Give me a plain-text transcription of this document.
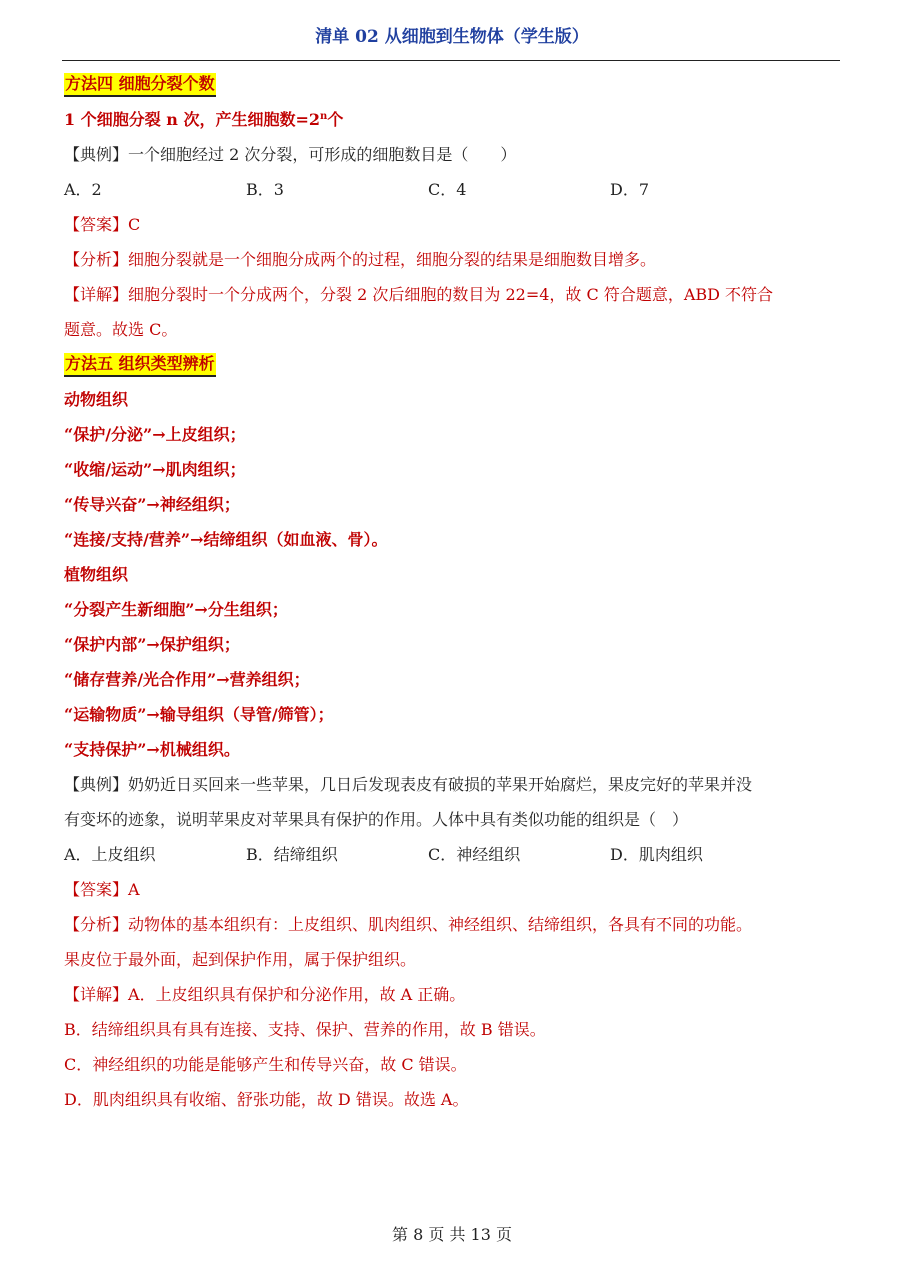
清单 02 从细胞到生物体（学生版）
方法四 细胞分裂个数
1 个细胞分裂 n 次，产生细胞数$=2^n$个
【典例】一个细胞经过 2 次分裂，可形成的细胞数目是（　　）
A．2	B．3	C．4	D．7
【答案】C
【分析】细胞分裂就是一个细胞分成两个的过程，细胞分裂的结果是细胞数目增多。
【详解】细胞分裂时一个分成两个，分裂 2 次后细胞的数目为 22=4，故 C 符合题意，ABD 不符合
题意。故选 C。
方法五 组织类型辨析
动物组织
“保护/分泌”→上皮组织；
“收缩/运动”→肌肉组织；
“传导兴奋”→神经组织；
“连接/支持/营养”→结缔组织（如血液、骨）。
植物组织
“分裂产生新细胞”→分生组织；
“保护内部”→保护组织；
“储存营养/光合作用”→营养组织；
“运输物质”→输导组织（导管/筛管）；
“支持保护”→机械组织。
【典例】奶奶近日买回来一些苹果，几日后发现表皮有破损的苹果开始腐烂，果皮完好的苹果并没
有变坏的迹象，说明苹果皮对苹果具有保护的作用。人体中具有类似功能的组织是（　）
A．上皮组织	B．结缔组织	C．神经组织	D．肌肉组织
【答案】A
【分析】动物体的基本组织有：上皮组织、肌肉组织、神经组织、结缔组织，各具有不同的功能。
果皮位于最外面，起到保护作用，属于保护组织。
【详解】A．上皮组织具有保护和分泌作用，故 A 正确。
B．结缔组织具有具有连接、支持、保护、营养的作用，故 B 错误。
C．神经组织的功能是能够产生和传导兴奋，故 C 错误。
D．肌肉组织具有收缩、舒张功能，故 D 错误。故选 A。
第 8 页 共 13 页
